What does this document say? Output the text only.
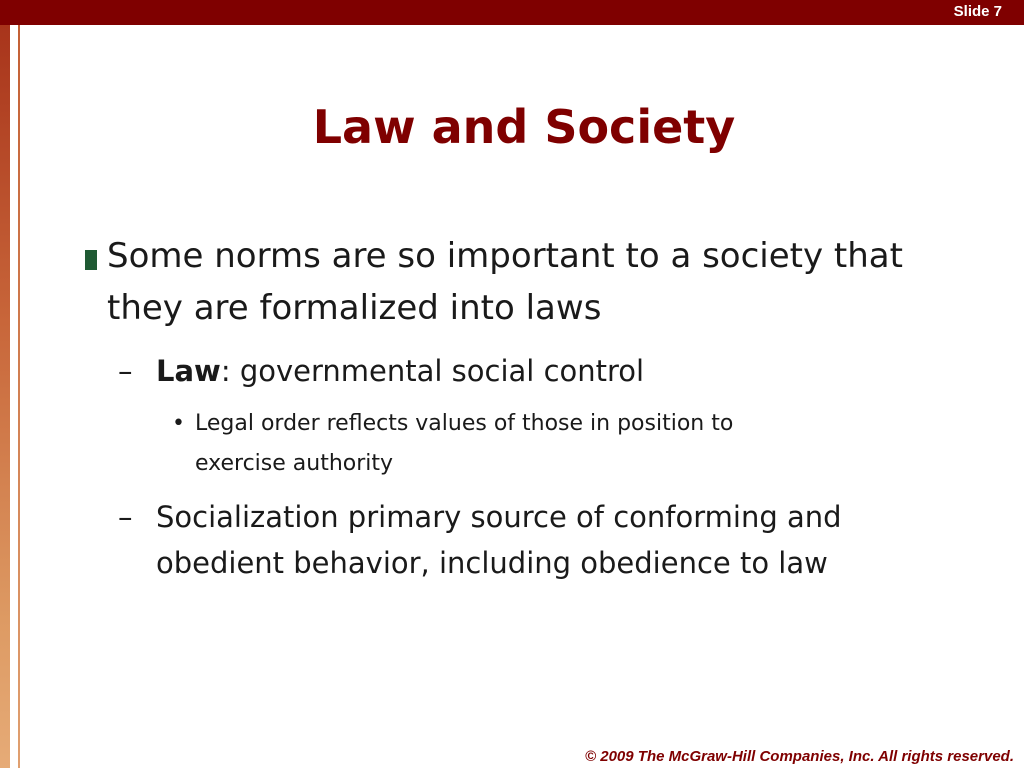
Slide 7
Law and Society
Some norms are so important to a society that they are formalized into laws
– Law: governmental social control
• Legal order reflects values of those in position to exercise authority
– Socialization primary source of conforming and obedient behavior, including obedience to law
© 2009 The McGraw-Hill Companies, Inc. All rights reserved.
